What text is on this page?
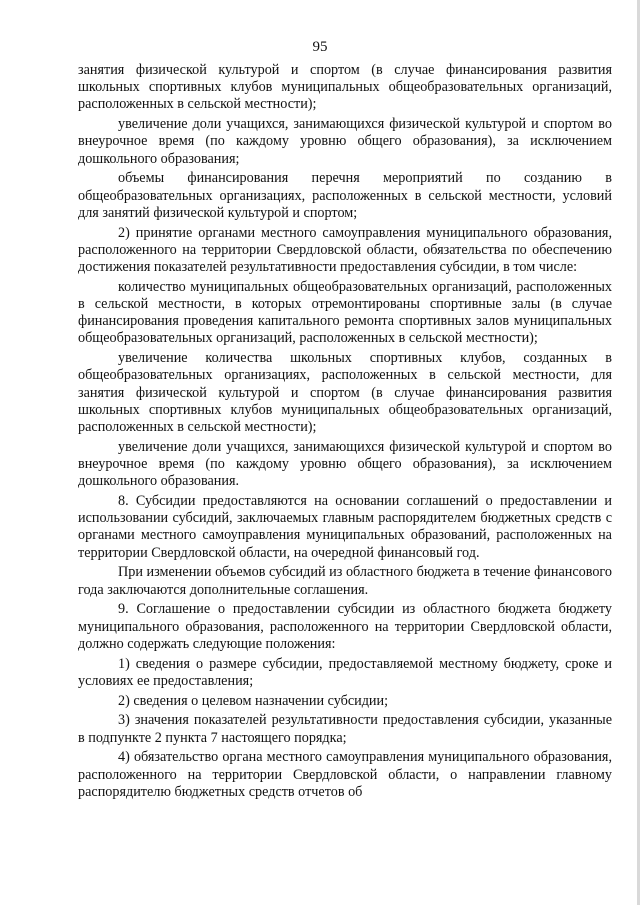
95

занятия физической культурой и спортом (в случае финансирования развития школьных спортивных клубов муниципальных общеобразовательных организаций, расположенных в сельской местности);

увеличение доли учащихся, занимающихся физической культурой и спортом во внеурочное время (по каждому уровню общего образования), за исключением дошкольного образования;

объемы финансирования перечня мероприятий по созданию в общеобразовательных организациях, расположенных в сельской местности, условий для занятий физической культурой и спортом;

2) принятие органами местного самоуправления муниципального образования, расположенного на территории Свердловской области, обязательства по обеспечению достижения показателей результативности предоставления субсидии, в том числе:

количество муниципальных общеобразовательных организаций, расположенных в сельской местности, в которых отремонтированы спортивные залы (в случае финансирования проведения капитального ремонта спортивных залов муниципальных общеобразовательных организаций, расположенных в сельской местности);

увеличение количества школьных спортивных клубов, созданных в общеобразовательных организациях, расположенных в сельской местности, для занятия физической культурой и спортом (в случае финансирования развития школьных спортивных клубов муниципальных общеобразовательных организаций, расположенных в сельской местности);

увеличение доли учащихся, занимающихся физической культурой и спортом во внеурочное время (по каждому уровню общего образования), за исключением дошкольного образования.

8. Субсидии предоставляются на основании соглашений о предоставлении и использовании субсидий, заключаемых главным распорядителем бюджетных средств с органами местного самоуправления муниципальных образований, расположенных на территории Свердловской области, на очередной финансовый год.

При изменении объемов субсидий из областного бюджета в течение финансового года заключаются дополнительные соглашения.

9. Соглашение о предоставлении субсидии из областного бюджета бюджету муниципального образования, расположенного на территории Свердловской области, должно содержать следующие положения:

1) сведения о размере субсидии, предоставляемой местному бюджету, сроке и условиях ее предоставления;

2) сведения о целевом назначении субсидии;

3) значения показателей результативности предоставления субсидии, указанные в подпункте 2 пункта 7 настоящего порядка;

4) обязательство органа местного самоуправления муниципального образования, расположенного на территории Свердловской области, о направлении главному распорядителю бюджетных средств отчетов об
